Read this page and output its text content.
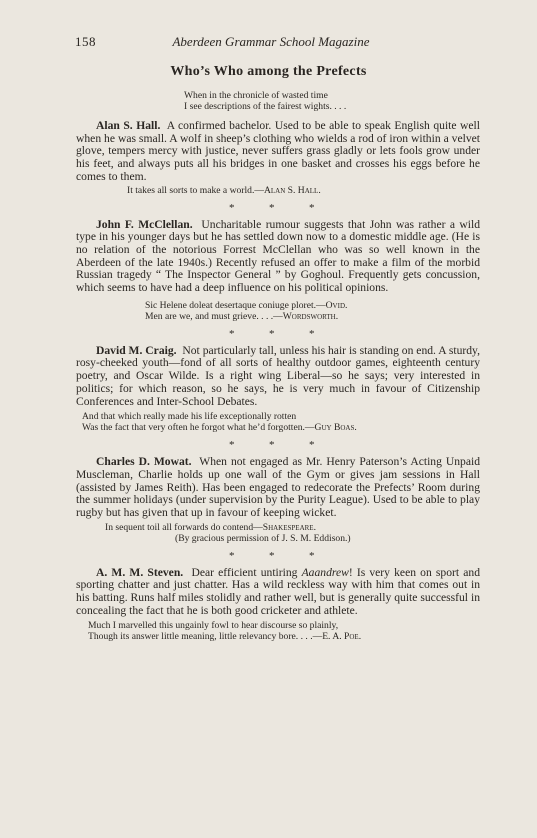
158	Aberdeen Grammar School Magazine
Who’s Who among the Prefects
When in the chronicle of wasted time
I see descriptions of the fairest wights. . . .

Alan S. Hall. A confirmed bachelor. Used to be able to speak English quite well when he was small. A wolf in sheep’s clothing who wields a rod of iron within a velvet glove, tempers mercy with justice, never suffers grass gladly or lets fools grow under his feet, and always puts all his bridges in one basket and crosses his eggs before he comes to them.

It takes all sorts to make a world.—Alan S. Hall.
*	*	*

John F. McClellan. Uncharitable rumour suggests that John was rather a wild type in his younger days but he has settled down now to a domestic middle age. (He is no relation of the notorious Forrest McClellan who was so well known in the Aberdeen of the late 1940s.) Recently refused an offer to make a film of the morbid Russian tragedy “ The Inspector General ” by Goghoul. Frequently gets concussion, which seems to have had a deep influence on his political opinions.

Sic Helene doleat desertaque coniuge ploret.—Ovid.
Men are we, and must grieve. . . .—Wordsworth.
*	*	*

David M. Craig. Not particularly tall, unless his hair is standing on end. A sturdy, rosy-cheeked youth—fond of all sorts of healthy outdoor games, eighteenth century poetry, and Oscar Wilde. Is a right wing Liberal—so he says; very interested in politics; for which reason, so he says, he is very much in favour of Citizenship Conferences and Inter-School Debates.

And that which really made his life exceptionally rotten
Was the fact that very often he forgot what he’d forgotten.—Guy Boas.
*	*	*

Charles D. Mowat. When not engaged as Mr. Henry Paterson’s Acting Unpaid Muscleman, Charlie holds up one wall of the Gym or gives jam sessions in Hall (assisted by James Reith). Has been engaged to redecorate the Prefects’ Room during the summer holidays (under supervision by the Purity League). Used to be able to play rugby but has given that up in favour of keeping wicket.

In sequent toil all forwards do contend—Shakespeare.
(By gracious permission of J. S. M. Eddison.)
*	*	*

A. M. M. Steven. Dear efficient untiring Aaandrew! Is very keen on sport and sporting chatter and just chatter. Has a wild reckless way with him that comes out in his batting. Runs half miles stolidly and rather well, but is generally quite successful in concealing the fact that he is both good cricketer and athlete.

Much I marvelled this ungainly fowl to hear discourse so plainly,
Though its answer little meaning, little relevancy bore. . . .—E. A. Poe.
